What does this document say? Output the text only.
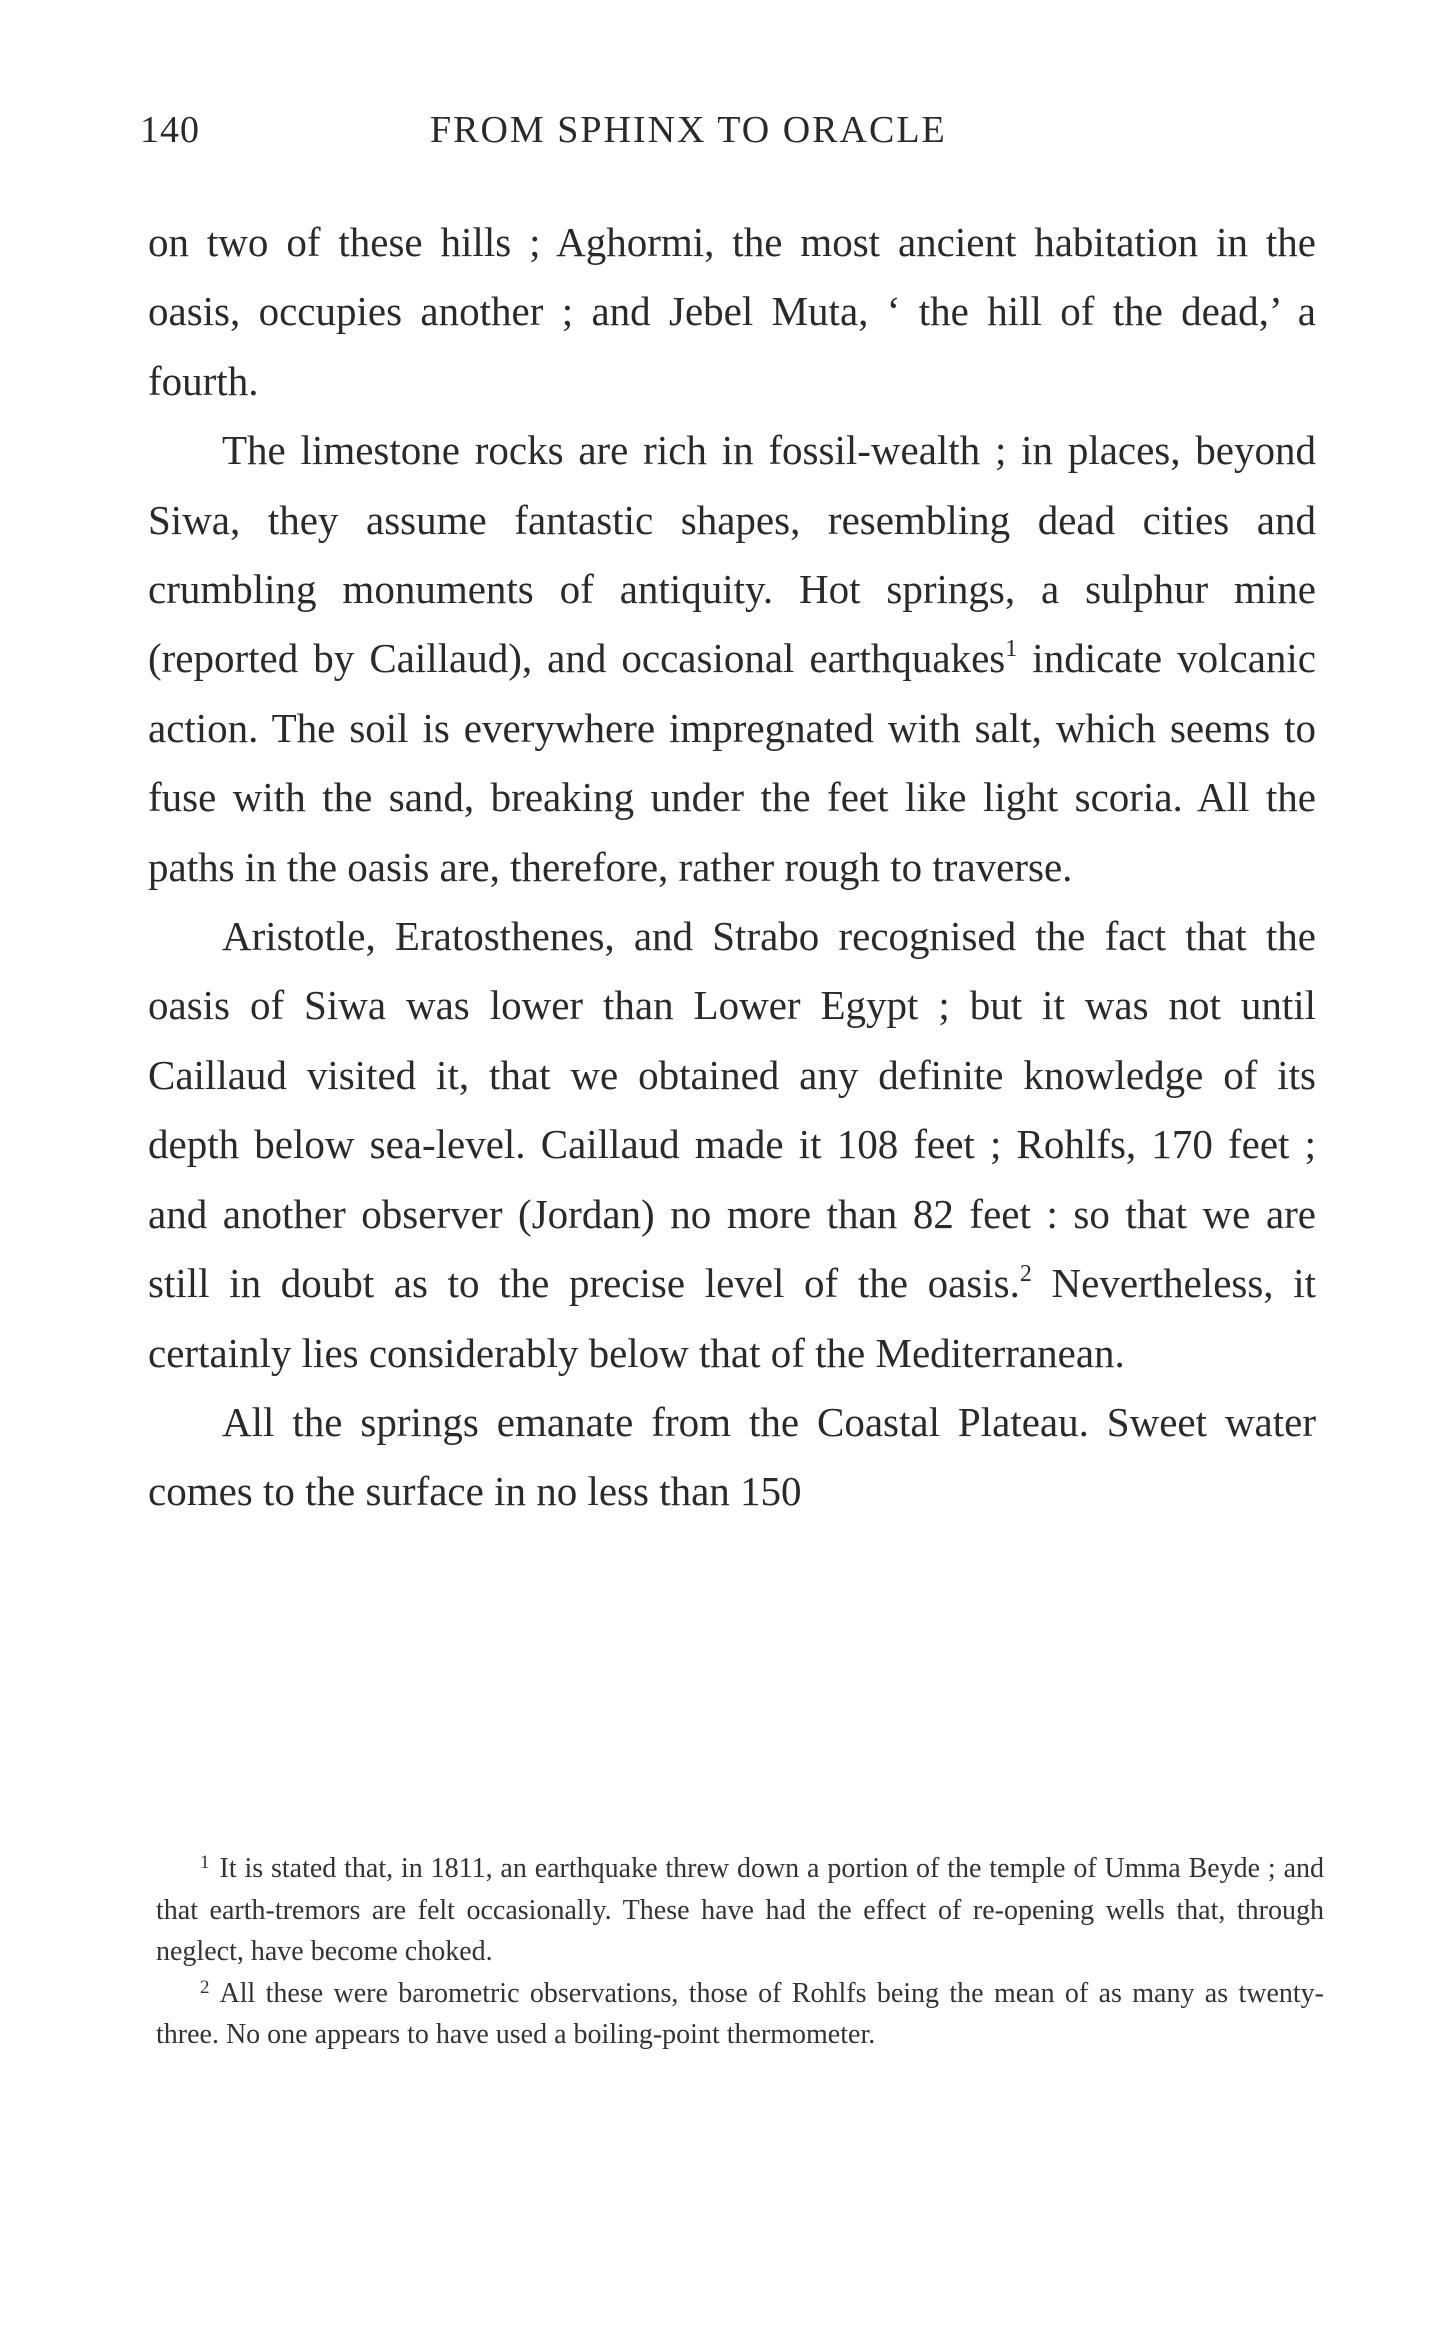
140	FROM SPHINX TO ORACLE

on two of these hills ; Aghormi, the most ancient habitation in the oasis, occupies another ; and Jebel Muta, ‘ the hill of the dead,’ a fourth.

The limestone rocks are rich in fossil-wealth ; in places, beyond Siwa, they assume fantastic shapes, resembling dead cities and crumbling monuments of antiquity. Hot springs, a sulphur mine (reported by Caillaud), and occasional earthquakes$^1$ indicate volcanic action. The soil is everywhere impregnated with salt, which seems to fuse with the sand, breaking under the feet like light scoria. All the paths in the oasis are, therefore, rather rough to traverse.

Aristotle, Eratosthenes, and Strabo recognised the fact that the oasis of Siwa was lower than Lower Egypt ; but it was not until Caillaud visited it, that we obtained any definite knowledge of its depth below sea-level. Caillaud made it 108 feet ; Rohlfs, 170 feet ; and another observer (Jordan) no more than 82 feet : so that we are still in doubt as to the precise level of the oasis.$^2$ Nevertheless, it certainly lies considerably below that of the Mediterranean.

All the springs emanate from the Coastal Plateau. Sweet water comes to the surface in no less than 150

$^1$ It is stated that, in 1811, an earthquake threw down a portion of the temple of Umma Beyde ; and that earth-tremors are felt occasionally. These have had the effect of re-opening wells that, through neglect, have become choked.

$^2$ All these were barometric observations, those of Rohlfs being the mean of as many as twenty-three. No one appears to have used a boiling-point thermometer.
